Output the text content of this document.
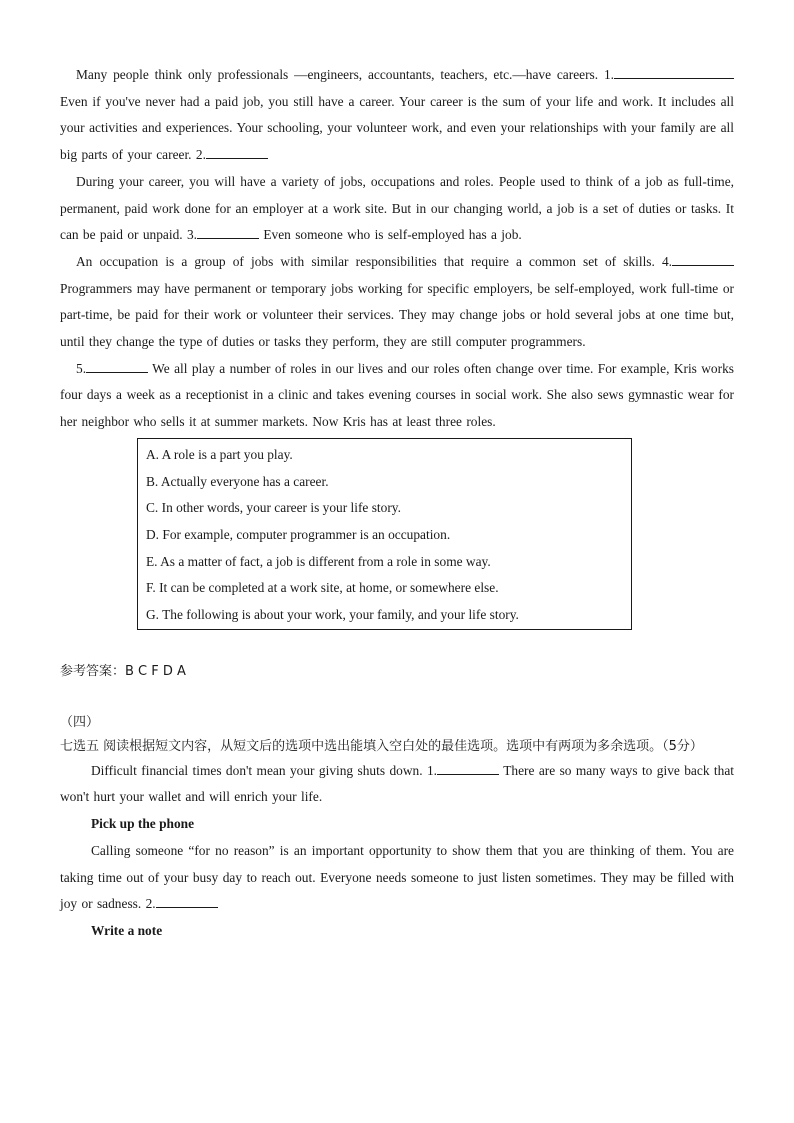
Many people think only professionals —engineers, accountants, teachers, etc.—have careers. 1. Even if you've never had a paid job, you still have a career. Your career is the sum of your life and work. It includes all your activities and experiences. Your schooling, your volunteer work, and even your relationships with your family are all big parts of your career. 2.

During your career, you will have a variety of jobs, occupations and roles. People used to think of a job as full-time, permanent, paid work done for an employer at a work site. But in our changing world, a job is a set of duties or tasks. It can be paid or unpaid. 3.	Even someone who is self-employed has a job.

An occupation is a group of jobs with similar responsibilities that require a common set of skills. 4. Programmers may have permanent or temporary jobs working for specific employers, be self-employed, work full-time or part-time, be paid for their work or volunteer their services. They may change jobs or hold several jobs at one time but, until they change the type of duties or tasks they perform, they are still computer programmers.

5.	We all play a number of roles in our lives and our roles often change over time. For example, Kris works four days a week as a receptionist in a clinic and takes evening courses in social work. She also sews gymnastic wear for her neighbor who sells it at summer markets. Now Kris has at least three roles.

A. A role is a part you play.
B. Actually everyone has a career.
C. In other words, your career is your life story.
D. For example, computer programmer is an occupation.
E. As a matter of fact, a job is different from a role in some way.
F. It can be completed at a work site, at home, or somewhere else.
G. The following is about your work, your family, and your life story.
参考答案：B C F D A
（四）
七选五 阅读根据短文内容，从短文后的选项中选出能填入空白处的最佳选项。选项中有两项为多余选项。（5分）

Difficult financial times don't mean your giving shuts down. 1.	There are so many ways to give back that won't hurt your wallet and will enrich your life.

Pick up the phone

Calling someone “for no reason” is an important opportunity to show them that you are thinking of them. You are taking time out of your busy day to reach out. Everyone needs someone to just listen sometimes. They may be filled with joy or sadness. 2.

Write a note
